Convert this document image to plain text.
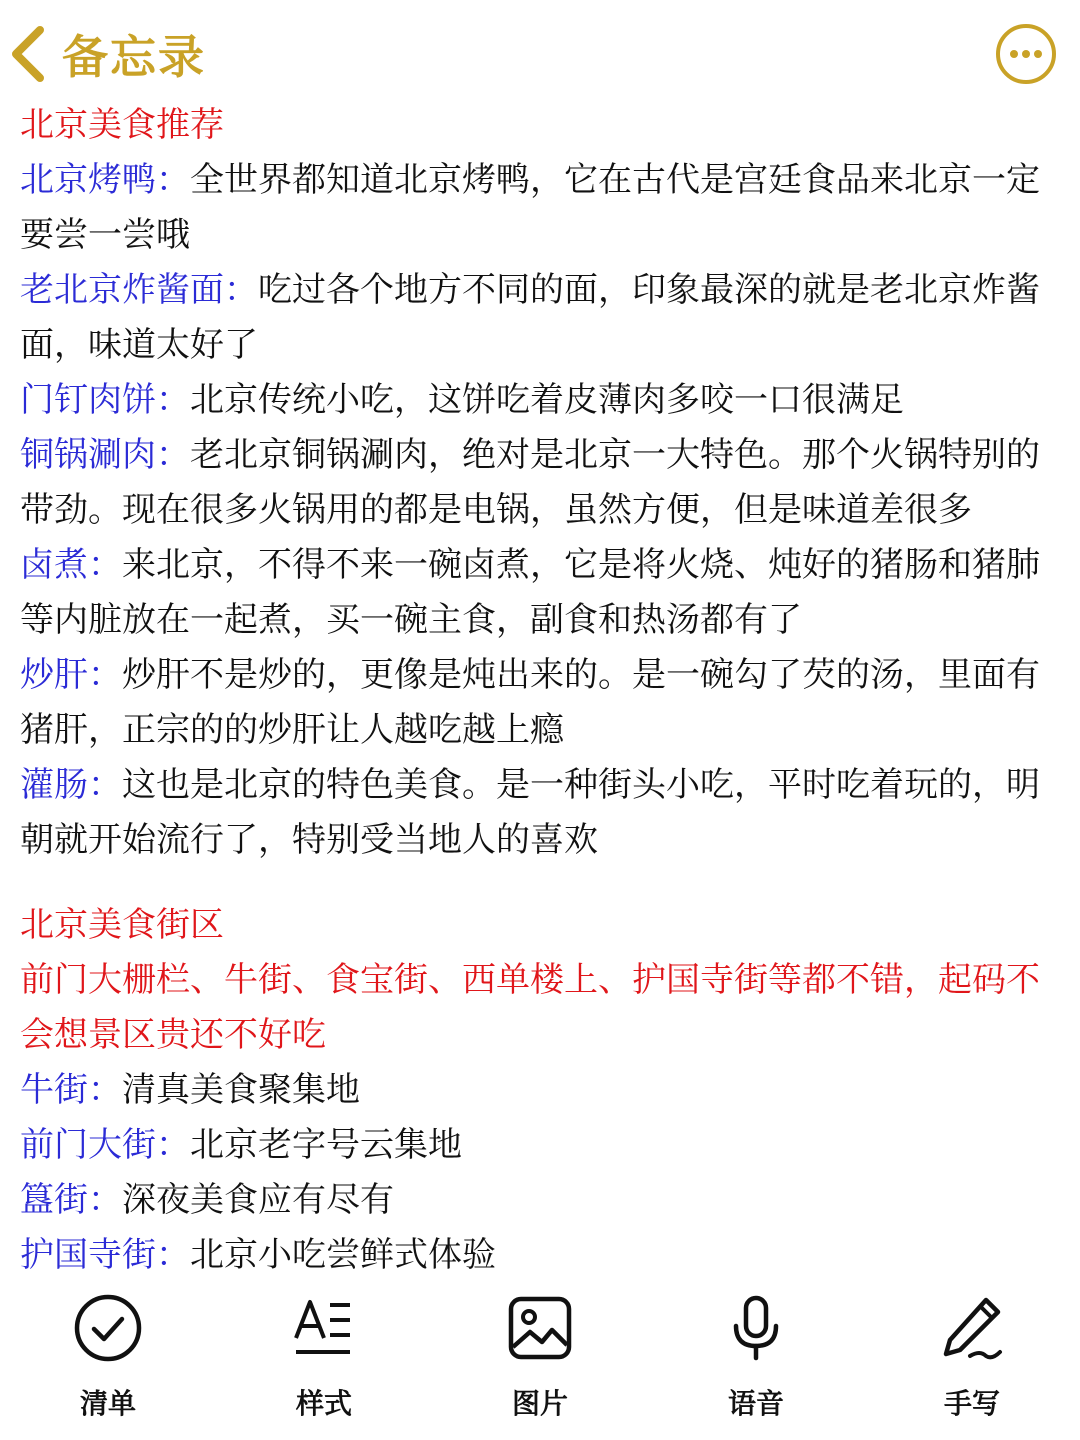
备忘录

北京美食推荐

北京烤鸭：全世界都知道北京烤鸭，它在古代是宫廷食品来北京一定要尝一尝哦

老北京炸酱面：吃过各个地方不同的面，印象最深的就是老北京炸酱面，味道太好了

门钉肉饼：北京传统小吃，这饼吃着皮薄肉多咬一口很满足

铜锅涮肉：老北京铜锅涮肉，绝对是北京一大特色。那个火锅特别的带劲。现在很多火锅用的都是电锅，虽然方便，但是味道差很多

卤煮：来北京，不得不来一碗卤煮，它是将火烧、炖好的猪肠和猪肺等内脏放在一起煮，买一碗主食，副食和热汤都有了

炒肝：炒肝不是炒的，更像是炖出来的。是一碗勾了芡的汤，里面有猪肝，正宗的的炒肝让人越吃越上瘾

灌肠：这也是北京的特色美食。是一种街头小吃，平时吃着玩的，明朝就开始流行了，特别受当地人的喜欢

北京美食街区

前门大栅栏、牛街、食宝街、西单楼上、护国寺街等都不错，起码不会想景区贵还不好吃

牛街：清真美食聚集地

前门大街：北京老字号云集地

簋街：深夜美食应有尽有

护国寺街：北京小吃尝鲜式体验

清单	样式	图片	语音	手写
